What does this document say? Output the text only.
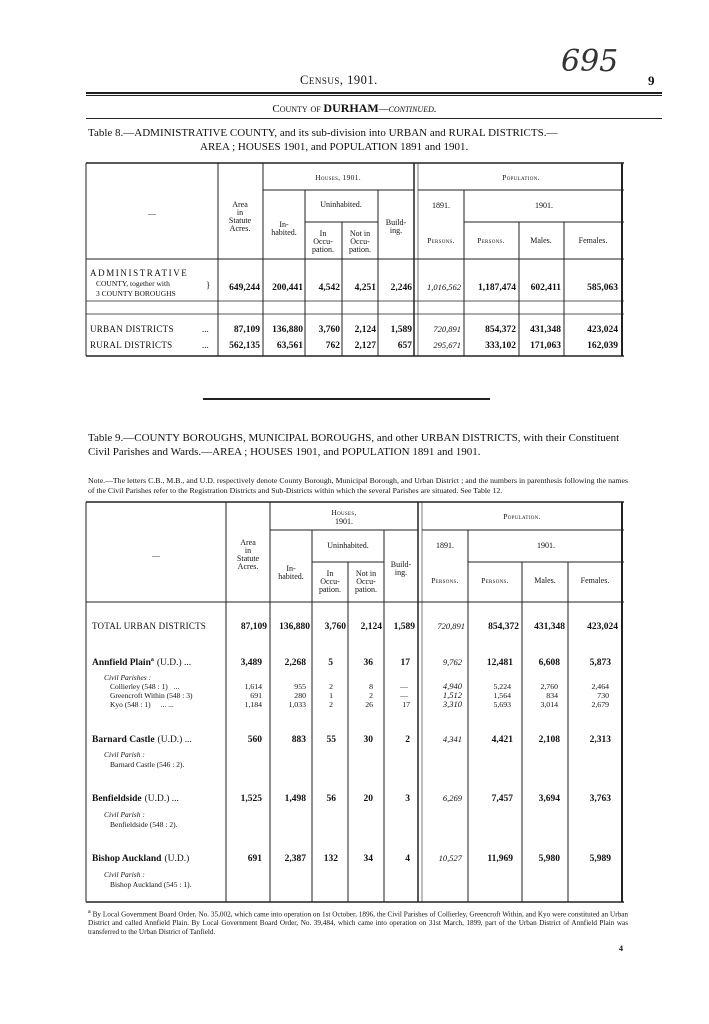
695
Census, 1901.	9
County of DURHAM—continued.
Table 8.—ADMINISTRATIVE COUNTY, and its sub-division into URBAN and RURAL DISTRICTS.—
AREA ; HOUSES 1901, and POPULATION 1891 and 1901.
—
Area
in
Statute
Acres.
Houses, 1901.
In-
habited.
Uninhabited.
In
Occu-
pation.
Not in
Occu-
pation.
Build-
ing.
Population.
1891.	1901.
Persons.	Persons.	Males.	Females.
ADMINISTRATIVE
COUNTY, together with
3 COUNTY BOROUGHS
} 649,244 200,441 4,542 4,251 2,246 1,016,562 1,187,474 602,411	585,063
URBAN DISTRICTS	...	87,109 136,880 3,760 2,124 1,589	720,891	854,372 431,348	423,024
RURAL DISTRICTS	... 562,135 63,561 762 2,127 657	295,671	333,102 171,063	162,039
Table 9.—COUNTY BOROUGHS, MUNICIPAL BOROUGHS, and other URBAN DISTRICTS, with their Constituent Civil Parishes and Wards.—AREA ; HOUSES 1901, and POPULATION 1891 and 1901.
Note.—The letters C.B., M.B., and U.D. respectively denote County Borough, Municipal Borough, and Urban District ; and the numbers in parenthesis following the names of the Civil Parishes refer to the Registration Districts and Sub-Districts within which the several Parishes are situated. See Table 12.
—
Area
in
Statute
Acres.
Houses,
1901.
In-
habited.
Uninhabited.
In
Occu-
pation.
Not in
Occu-
pation.
Build-
ing.
Population.
1891.	1901.
Persons.	Persons.	Males.	Females.
TOTAL URBAN DISTRICTS	87,109 136,880 3,760 2,124 1,589	720,891 854,372 431,348 423,024
Annfield Plain$^a$ (U.D.) ...	3,489 2,268 5	36	17	9,762	12,481	6,608	5,873
Civil Parishes :
Collierley (548 : 1) ...	1,614	955	2	8	—	4,940	5,224	2,760	2,464
Greencroft Within (548 : 3)	691	280	1	2	—	1,512	1,564	834	730
Kyo (548 : 1) ... ...	1,184	1,033	2	26	17	3,310	5,693	3,014	2,679
Barnard Castle (U.D.) ...	560	883 55	30	2	4,341	4,421	2,108	2,313
Civil Parish :
Barnard Castle (546 : 2).
Benfieldside (U.D.) ...	1,525 1,498 56	20	3	6,269	7,457	3,694	3,763
Civil Parish :
Benfieldside (548 : 2).
Bishop Auckland (U.D.)	691 2,387 132	34	4	10,527	11,969	5,980	5,989
Civil Parish :
Bishop Auckland (545 : 1).
$^a$ By Local Government Board Order, No. 35,002, which came into operation on 1st October, 1896, the Civil Parishes of Collierley, Greencroft Within, and Kyo were constituted an Urban District and called Annfield Plain. By Local Government Board Order, No. 39,484, which came into operation on 31st March, 1899, part of the Urban District of Annfield Plain was transferred to the Urban District of Tanfield.
4
